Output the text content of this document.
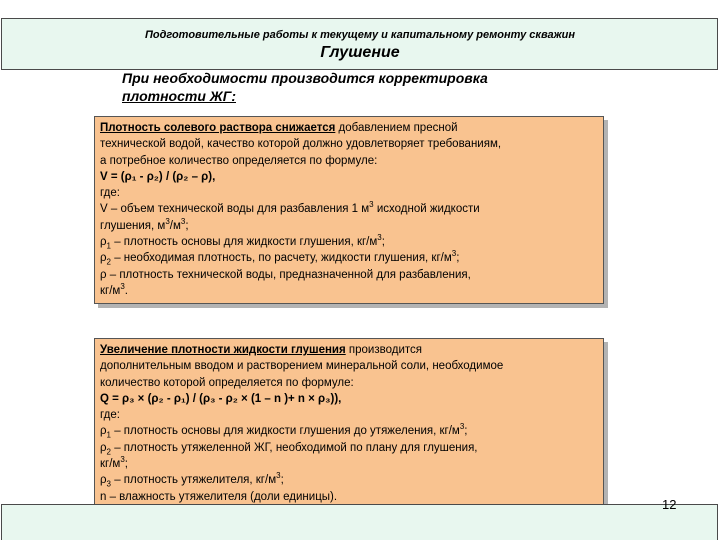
Подготовительные работы к текущему и капитальному ремонту скважин
Глушение
При необходимости производится корректировка
плотности ЖГ:

Плотность солевого раствора снижается добавлением пресной

технической водой, качество которой должно удовлетворяет требованиям,

а потребное количество определяется по формуле:

V = (ρ₁ - ρ₂) / (ρ₂ – ρ),

где:

V – объем технической воды для разбавления 1 $м^3$ исходной жидкости

глушения, $м^3/м^3$;

$\rho_1$ – плотность основы для жидкости глушения, $кг/м^3$;

$\rho_2$ – необходимая плотность, по расчету, жидкости глушения, $кг/м^3$;

ρ – плотность технической воды, предназначенной для разбавления,

$кг/м^3$.

Увеличение плотности жидкости глушения производится

дополнительным вводом и растворением минеральной соли, необходимое

количество которой определяется по формуле:

Q = ρ₃ × (ρ₂ - ρ₁) / (ρ₃ - ρ₂ × (1 – n )+ n × ρ₃)),

где:

$\rho_1$ – плотность основы для жидкости глушения до утяжеления, $кг/м^3$;

$\rho_2$ – плотность утяжеленной ЖГ, необходимой по плану для глушения,

$кг/м^3$;

$\rho_3$ – плотность утяжелителя, $кг/м^3$;

n – влажность утяжелителя (доли единицы).

12
